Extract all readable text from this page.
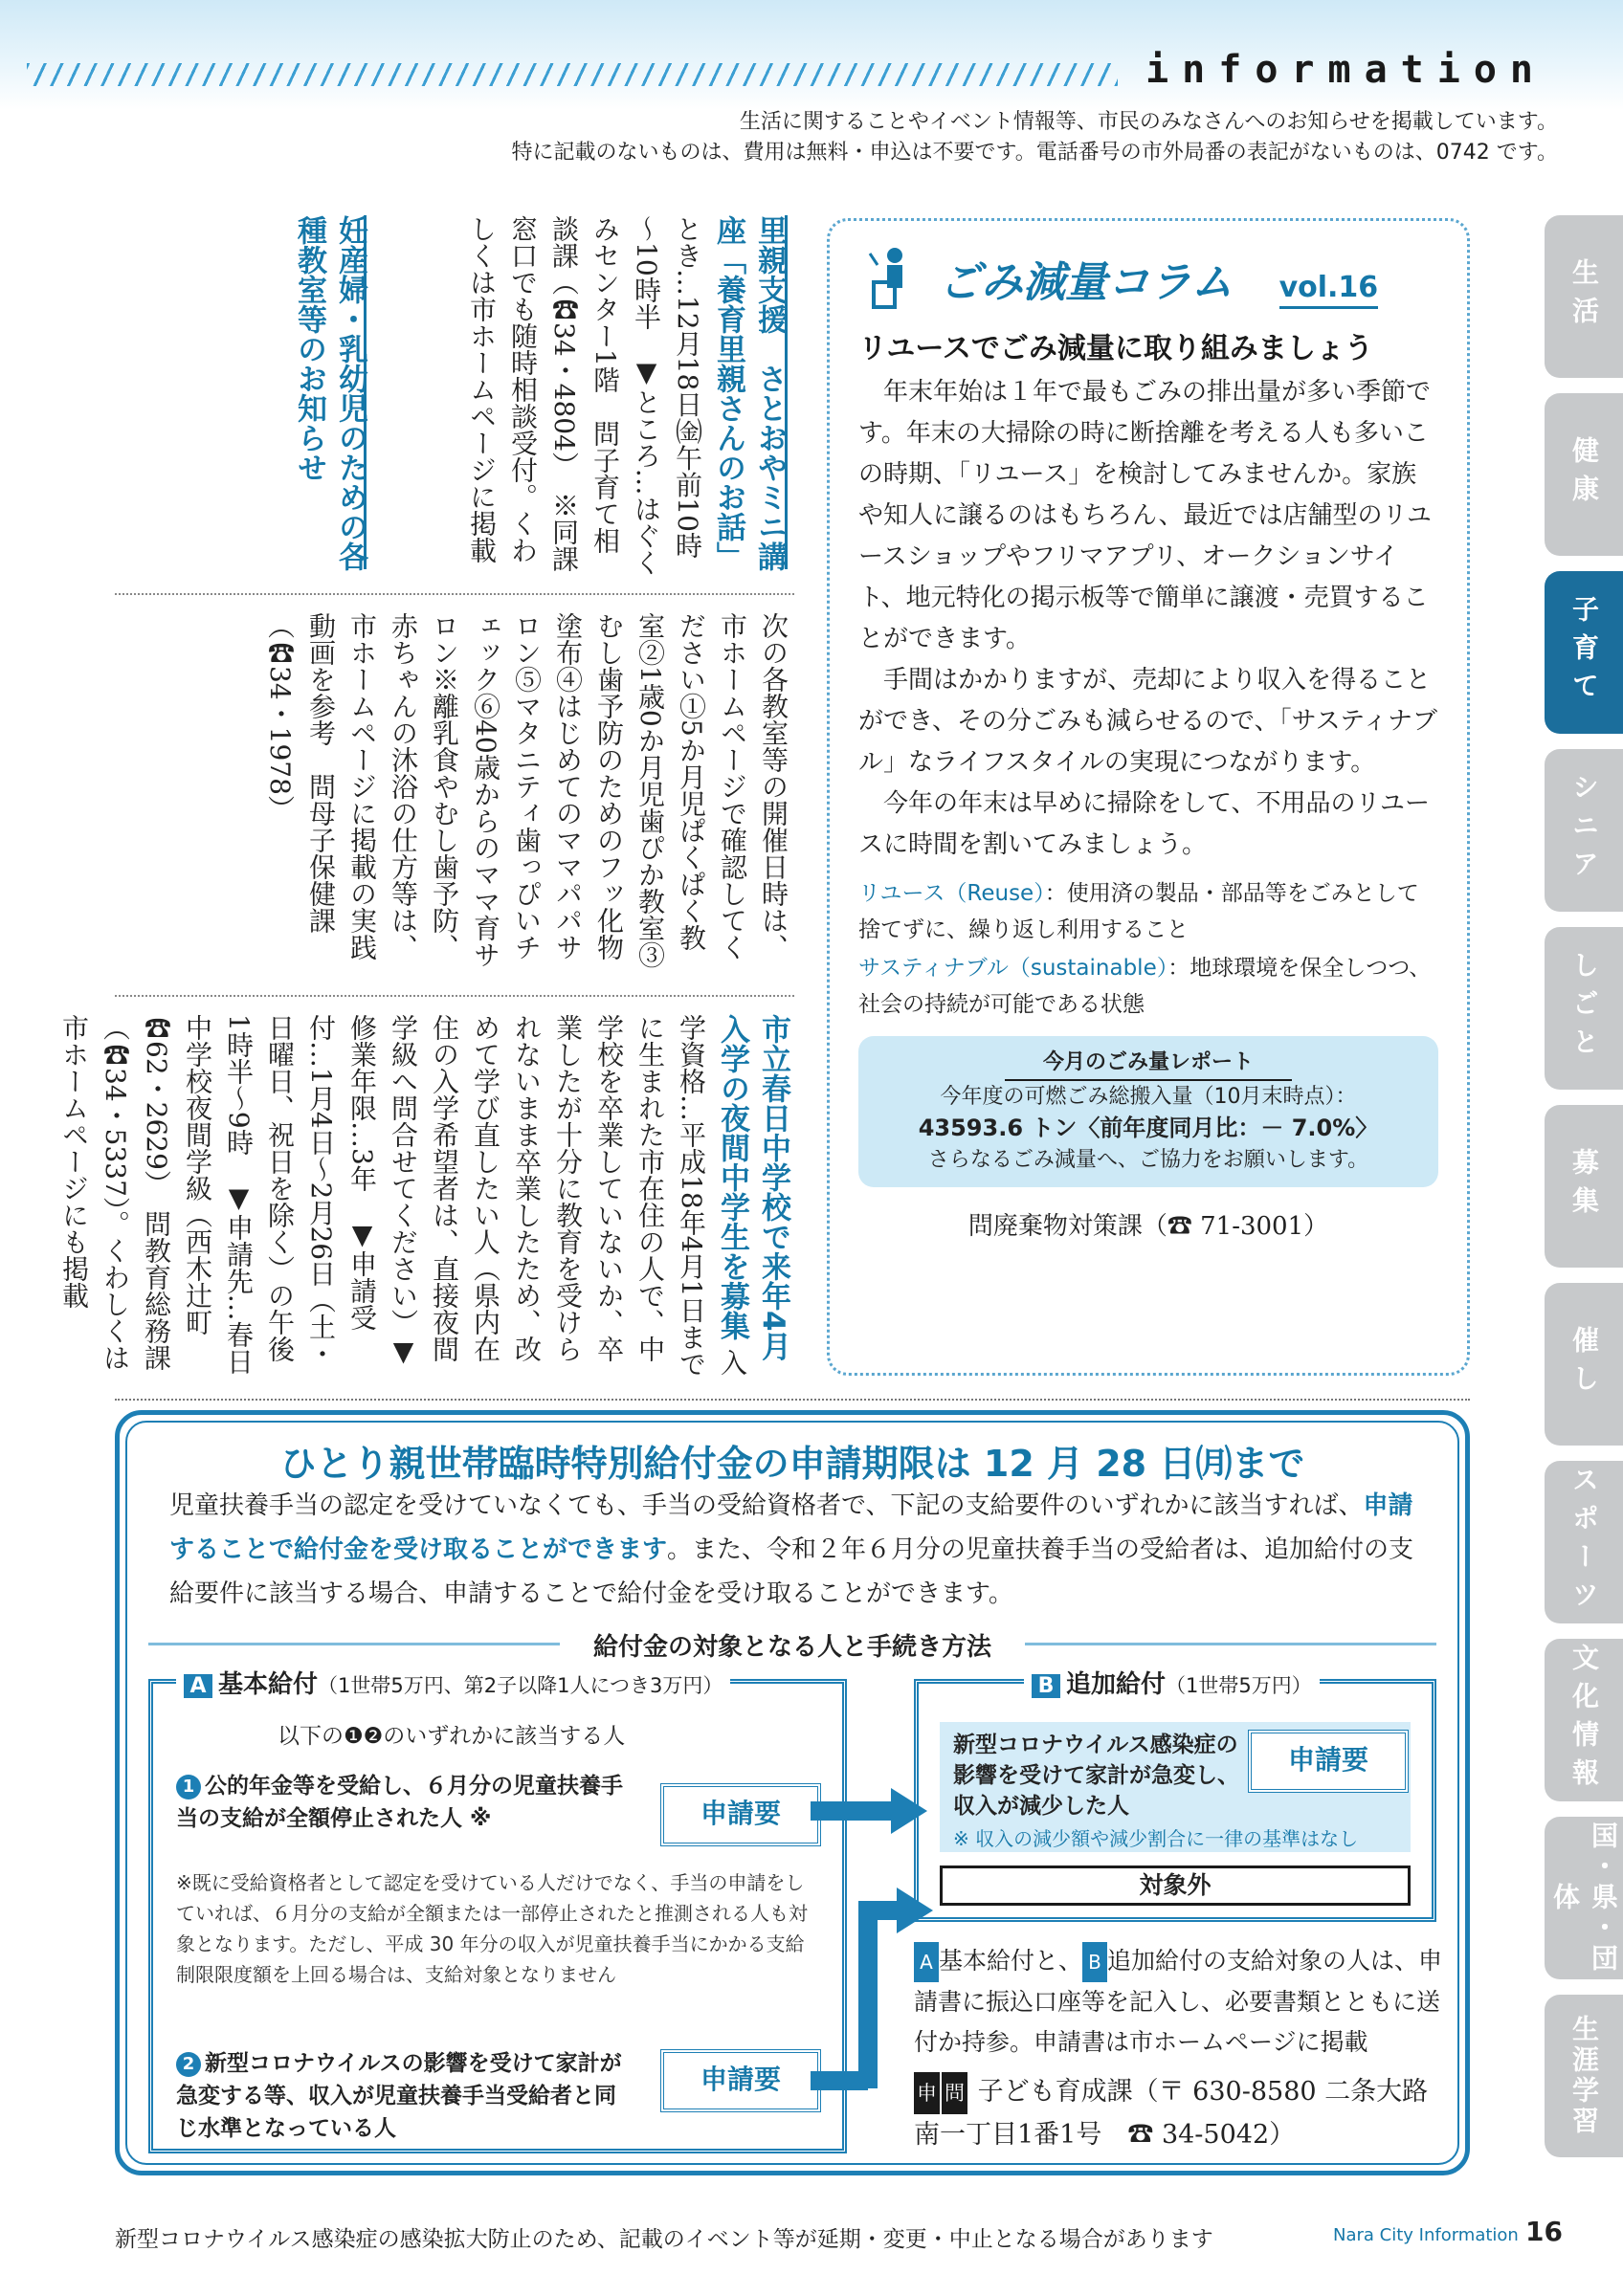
information
生活に関することやイベント情報等、市民のみなさんへのお知らせを掲載しています。
特に記載のないものは、費用は無料・申込は不要です。電話番号の市外局番の表記がないものは、0742 です。
里親支援　さとおやミニ講座「養育里親さんのお話」 とき…12月18日㈮午前10時～10時半　▼ところ…はぐくみセンター1階　問子育て相談課（☎34・4804）　※同課窓口でも随時相談受付。くわしくは市ホームページに掲載
妊産婦・乳幼児のための各種教室等のお知らせ
次の各教室等の開催日時は、市ホームページで確認してください①5か月児ぱくぱく教室②1歳0か月児歯ぴか教室③むし歯予防のためのフッ化物塗布④はじめてのママパパサロン⑤マタニティ歯っぴいチェック⑥40歳からのママ育サロン※離乳食やむし歯予防、赤ちゃんの沐浴の仕方等は、市ホームページに掲載の実践動画を参考　問母子保健課（☎34・1978）
市立春日中学校で来年4月入学の夜間中学生を募集 入学資格…平成18年4月1日までに生まれた市在住の人で、中学校を卒業していないか、卒業したが十分に教育を受けられないまま卒業したため、改めて学び直したい人（県内在住の入学希望者は、直接夜間学級へ問合せてください）▼修業年限…3年　▼申請受付…1月4日～2月26日（土・日曜日、祝日を除く）の午後1時半～9時　▼申請先…春日中学校夜間学級（西木辻町　☎62・2629）　問教育総務課（☎34・5337）。くわしくは市ホームページにも掲載
ごみ減量コラム vol.16
リユースでごみ減量に取り組みましょう

年末年始は１年で最もごみの排出量が多い季節です。年末の大掃除の時に断捨離を考える人も多いこの時期、「リユース」を検討してみませんか。家族や知人に譲るのはもちろん、最近では店舗型のリユースショップやフリマアプリ、オークションサイト、地元特化の掲示板等で簡単に譲渡・売買することができます。

手間はかかりますが、売却により収入を得ることができ、その分ごみも減らせるので、「サスティナブル」なライフスタイルの実現につながります。

今年の年末は早めに掃除をして、不用品のリユースに時間を割いてみましょう。

リユース（Reuse）：使用済の製品・部品等をごみとして捨てずに、繰り返し利用すること
サスティナブル（sustainable）：地球環境を保全しつつ、社会の持続が可能である状態
今月のごみ量レポート

今年度の可燃ごみ総搬入量（10月末時点）：

43593.6 トン〈前年度同月比：－ 7.0%〉

さらなるごみ減量へ、ご協力をお願いします。

問廃棄物対策課（☎ 71-3001）
ひとり親世帯臨時特別給付金の申請期限は 12 月 28 日㈪まで
児童扶養手当の認定を受けていなくても、手当の受給資格者で、下記の支給要件のいずれかに該当すれば、申請することで給付金を受け取ることができます。また、令和２年６月分の児童扶養手当の受給者は、追加給付の支給要件に該当する場合、申請することで給付金を受け取ることができます。
給付金の対象となる人と手続き方法
A 基本給付（1世帯5万円、第2子以降1人につき3万円）
以下の❶❷のいずれかに該当する人
1 公的年金等を受給し、６月分の児童扶養手当の支給が全額停止された人 ※	申請要
※既に受給資格者として認定を受けている人だけでなく、手当の申請をしていれば、６月分の支給が全額または一部停止されたと推測される人も対象となります。ただし、平成 30 年分の収入が児童扶養手当にかかる支給制限限度額を上回る場合は、支給対象となりません
2 新型コロナウイルスの影響を受けて家計が急変する等、収入が児童扶養手当受給者と同じ水準となっている人
申請要
B 追加給付（1世帯5万円）
新型コロナウイルス感染症の影響を受けて家計が急変し、収入が減少した人
※ 収入の減少額や減少割合に一律の基準はなし
申請要
対象外
A 基本給付と、 B 追加給付の支給対象の人は、申請書に振込口座等を記入し、必要書類とともに送付か持参。申請書は市ホームページに掲載
申 問 子ども育成課（〒 630-8580 二条大路南一丁目1番1号　☎ 34-5042）
生活
健康
子育て
シニア
しごと
募集
催し
スポーツ
文化情報
国・県・団体
生涯学習
新型コロナウイルス感染症の感染拡大防止のため、記載のイベント等が延期・変更・中止となる場合があります	Nara City Information 16
